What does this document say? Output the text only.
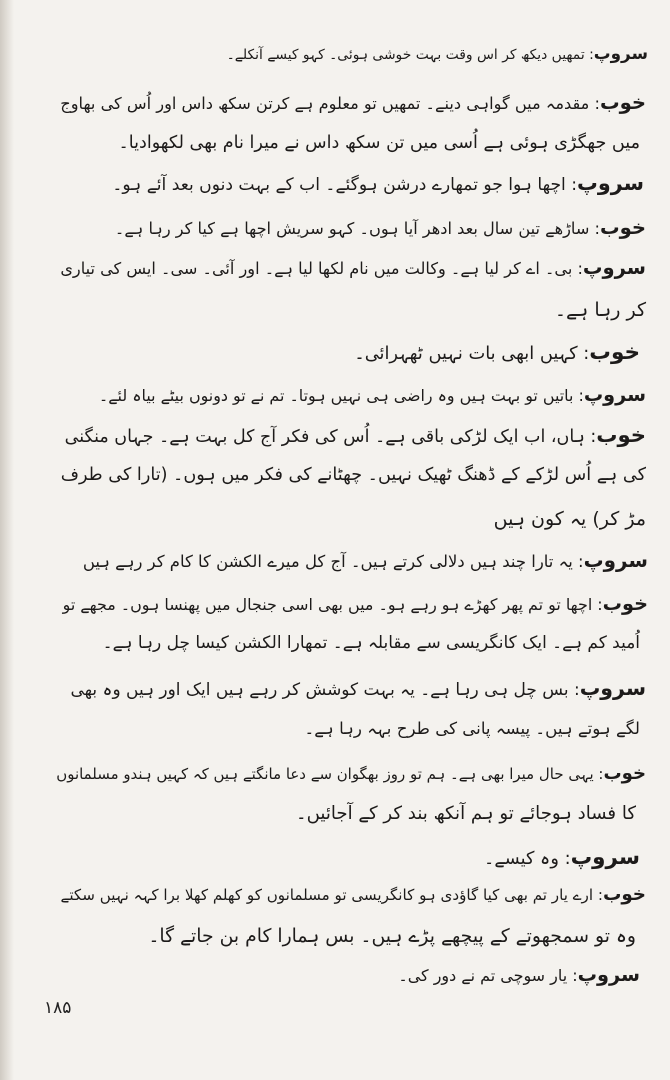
سروپ: تمھیں دیکھ کر اس وقت بہت خوشی ہوئی۔ کہو کیسے آنکلے۔
خوب: مقدمہ میں گواہی دینے۔ تمھیں تو معلوم ہے کرتن سکھ داس اور اُس کی بھاوج
میں جھگڑی ہوئی ہے اُسی میں تن سکھ داس نے میرا نام بھی لکھوادیا۔
سروپ: اچھا ہوا جو تمھارے درشن ہوگئے۔ اب کے بہت دنوں بعد آئے ہو۔
خوب: ساڑھے تین سال بعد ادھر آیا ہوں۔ کہو سریش اچھا ہے کیا کر رہا ہے۔
سروپ: بی۔ اے کر لیا ہے۔ وکالت میں نام لکھا لیا ہے۔ اور آئی۔ سی۔ ایس کی تیاری
کر رہا ہے۔
خوب: کہیں ابھی بات نہیں ٹھہرائی۔
سروپ: باتیں تو بہت ہیں وہ راضی ہی نہیں ہوتا۔ تم نے تو دونوں بیٹے بیاہ لئے۔
خوب: ہاں، اب ایک لڑکی باقی ہے۔ اُس کی فکر آج کل بہت ہے۔ جہاں منگنی
کی ہے اُس لڑکے کے ڈھنگ ٹھیک نہیں۔ چھٹانے کی فکر میں ہوں۔ (تارا کی طرف
مڑ کر) یہ کون ہیں
سروپ: یہ تارا چند ہیں دلالی کرتے ہیں۔ آج کل میرے الکشن کا کام کر رہے ہیں
خوب: اچھا تو تم پھر کھڑے ہو رہے ہو۔ میں بھی اسی جنجال میں پھنسا ہوں۔ مجھے تو
اُمید کم ہے۔ ایک کانگریسی سے مقابلہ ہے۔ تمھارا الکشن کیسا چل رہا ہے۔
سروپ: بس چل ہی رہا ہے۔ یہ بہت کوشش کر رہے ہیں ایک اور ہیں وہ بھی
لگے ہوتے ہیں۔ پیسہ پانی کی طرح بہہ رہا ہے۔
خوب: یہی حال میرا بھی ہے۔ ہم تو روز بھگوان سے دعا مانگتے ہیں کہ کہیں ہندو مسلمانوں
کا فساد ہوجائے تو ہم آنکھ بند کر کے آجائیں۔
سروپ: وہ کیسے۔
خوب: ارے یار تم بھی کیا گاؤدی ہو کانگریسی تو مسلمانوں کو کھلم کھلا برا کہہ نہیں سکتے
وہ تو سمجھوتے کے پیچھے پڑے ہیں۔ بس ہمارا کام بن جاتے گا۔
سروپ: یار سوچی تم نے دور کی۔
۱۸۵
